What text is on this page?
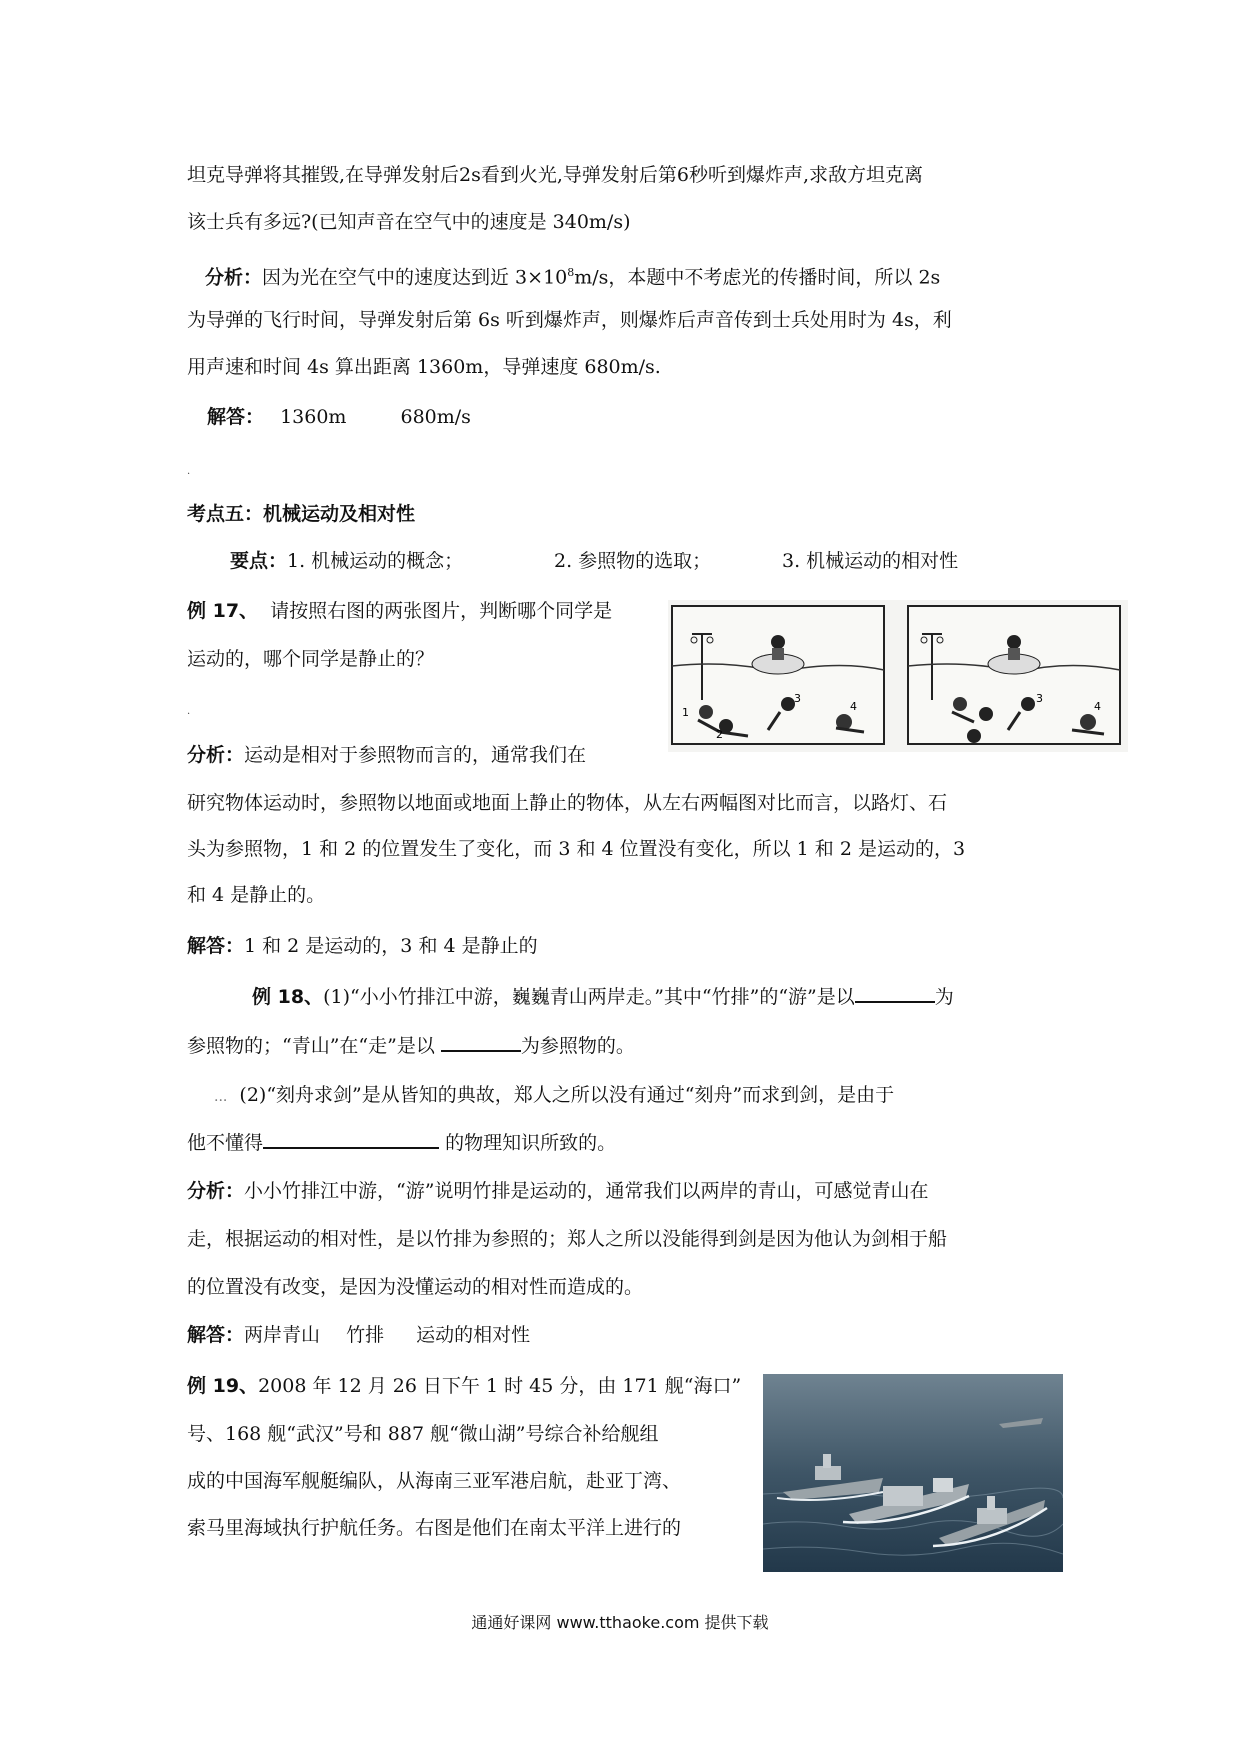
坦克导弹将其摧毁,在导弹发射后2s看到火光,导弹发射后第6秒听到爆炸声,求敌方坦克离
该士兵有多远?(已知声音在空气中的速度是 340m/s)
分析：因为光在空气中的速度达到近 $3\times 10^8m/s$，本题中不考虑光的传播时间，所以 2s
为导弹的飞行时间，导弹发射后第 6s 听到爆炸声，则爆炸后声音传到士兵处用时为 4s，利
用声速和时间 4s 算出距离 1360m，导弹速度 680m/s.
解答： 1360m	680m/s
.
考点五：机械运动及相对性
要点：1. 机械运动的概念；	2. 参照物的选取；	3. 机械运动的相对性
例 17、 请按照右图的两张图片，判断哪个同学是
运动的，哪个同学是静止的？
.	1
2
3
4
3
4
分析：运动是相对于参照物而言的，通常我们在
研究物体运动时，参照物以地面或地面上静止的物体，从左右两幅图对比而言，以路灯、石
头为参照物，1 和 2 的位置发生了变化，而 3 和 4 位置没有变化，所以 1 和 2 是运动的，3
和 4 是静止的。
解答：1 和 2 是运动的，3 和 4 是静止的
例 18、(1)“小小竹排江中游，巍巍青山两岸走。”其中“竹排”的“游”是以	为
参照物的；“青山”在“走”是以	为参照物的。
... (2)“刻舟求剑”是从皆知的典故，郑人之所以没有通过“刻舟”而求到剑，是由于
他不懂得	的物理知识所致的。
分析：小小竹排江中游，“游”说明竹排是运动的，通常我们以两岸的青山，可感觉青山在
走，根据运动的相对性，是以竹排为参照的；郑人之所以没能得到剑是因为他认为剑相于船
的位置没有改变，是因为没懂运动的相对性而造成的。
解答：两岸青山 竹排 运动的相对性
例 19、2008 年 12 月 26 日下午 1 时 45 分，由 171 舰“海口”
号、168 舰“武汉”号和 887 舰“微山湖”号综合补给舰组
成的中国海军舰艇编队，从海南三亚军港启航，赴亚丁湾、
索马里海域执行护航任务。右图是他们在南太平洋上进行的
通通好课网 www.tthaoke.com 提供下载
